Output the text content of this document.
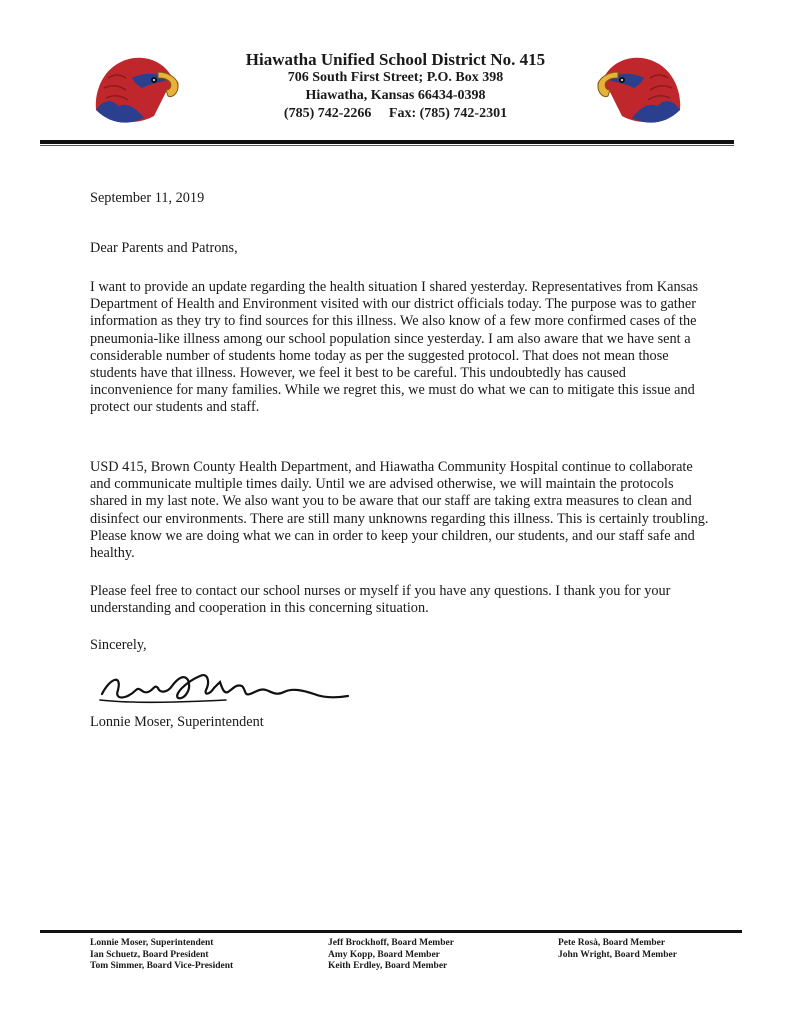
Hiawatha Unified School District No. 415
706 South First Street; P.O. Box 398
Hiawatha, Kansas 66434-0398
(785) 742-2266     Fax: (785) 742-2301
September 11, 2019
Dear Parents and Patrons,

I want to provide an update regarding the health situation I shared yesterday. Representatives from Kansas Department of Health and Environment visited with our district officials today. The purpose was to gather information as they try to find sources for this illness. We also know of a few more confirmed cases of the pneumonia-like illness among our school population since yesterday. I am also aware that we have sent a considerable number of students home today as per the suggested protocol. That does not mean those students have that illness. However, we feel it best to be careful. This undoubtedly has caused inconvenience for many families. While we regret this, we must do what we can to mitigate this issue and protect our students and staff.

USD 415, Brown County Health Department, and Hiawatha Community Hospital continue to collaborate and communicate multiple times daily. Until we are advised otherwise, we will maintain the protocols shared in my last note. We also want you to be aware that our staff are taking extra measures to clean and disinfect our environments. There are still many unknowns regarding this illness. This is certainly troubling. Please know we are doing what we can in order to keep your children, our students, and our staff safe and healthy.

Please feel free to contact our school nurses or myself if you have any questions. I thank you for your understanding and cooperation in this concerning situation.

Sincerely,
Lonnie Moser, Superintendent
Lonnie Moser, Superintendent
Ian Schuetz, Board President
Tom Simmer, Board Vice-President
Jeff Brockhoff, Board Member
Amy Kopp, Board Member
Keith Erdley, Board Member
Pete Rosà, Board Member
John Wright, Board Member
